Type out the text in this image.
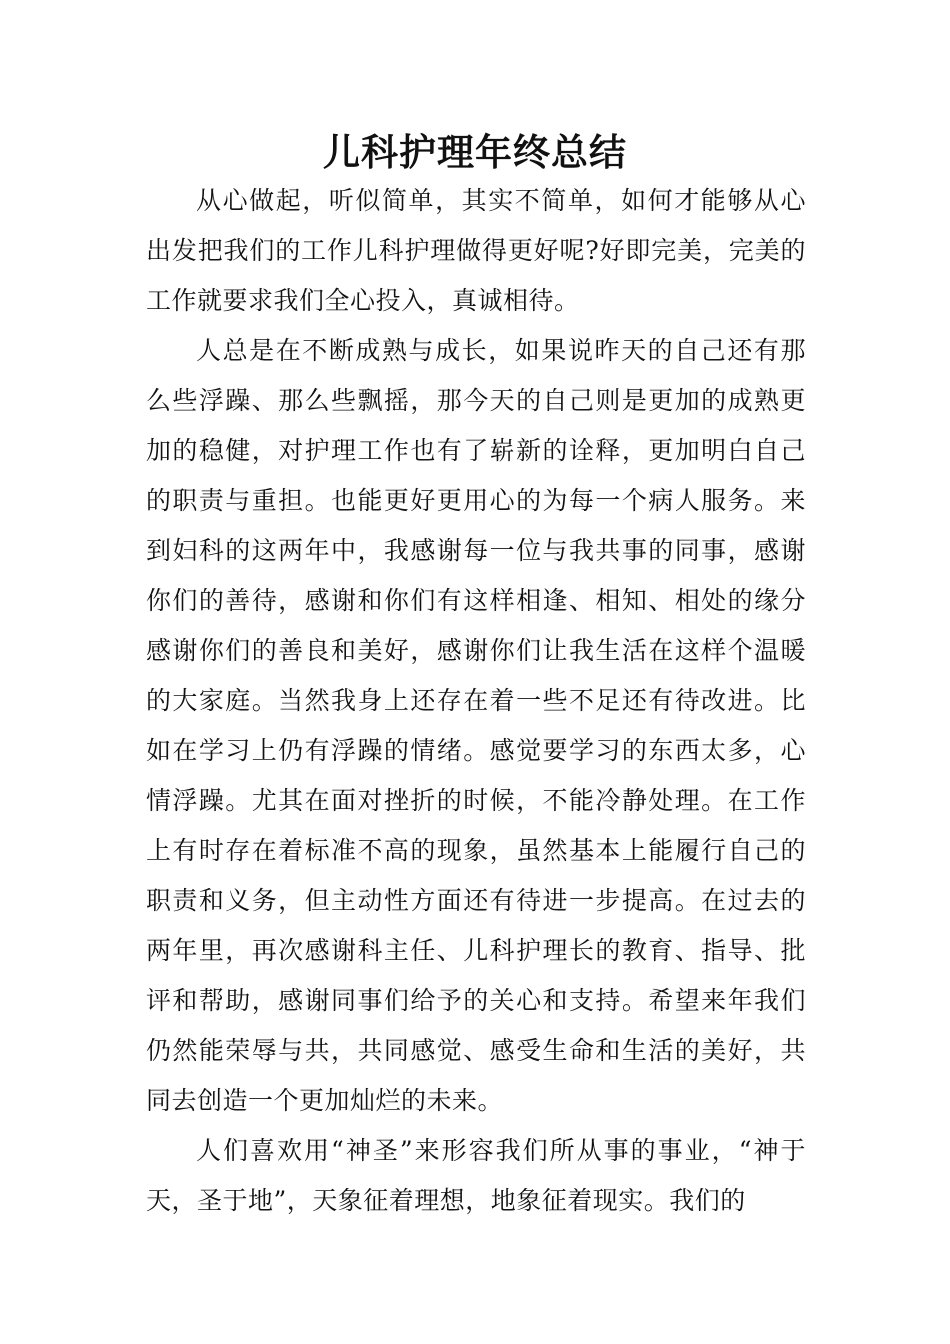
儿科护理年终总结

从心做起，听似简单，其实不简单，如何才能够从心出发把我们的工作儿科护理做得更好呢?好即完美，完美的工作就要求我们全心投入，真诚相待。

人总是在不断成熟与成长，如果说昨天的自己还有那么些浮躁、那么些飘摇，那今天的自己则是更加的成熟更加的稳健，对护理工作也有了崭新的诠释，更加明白自己的职责与重担。也能更好更用心的为每一个病人服务。来到妇科的这两年中，我感谢每一位与我共事的同事，感谢你们的善待，感谢和你们有这样相逢、相知、相处的缘分感谢你们的善良和美好，感谢你们让我生活在这样个温暖的大家庭。当然我身上还存在着一些不足还有待改进。比如在学习上仍有浮躁的情绪。感觉要学习的东西太多，心情浮躁。尤其在面对挫折的时候，不能冷静处理。在工作上有时存在着标准不高的现象，虽然基本上能履行自己的职责和义务，但主动性方面还有待进一步提高。在过去的两年里，再次感谢科主任、儿科护理长的教育、指导、批评和帮助，感谢同事们给予的关心和支持。希望来年我们仍然能荣辱与共，共同感觉、感受生命和生活的美好，共同去创造一个更加灿烂的未来。

人们喜欢用“神圣”来形容我们所从事的事业，“神于天，圣于地”，天象征着理想，地象征着现实。我们的
